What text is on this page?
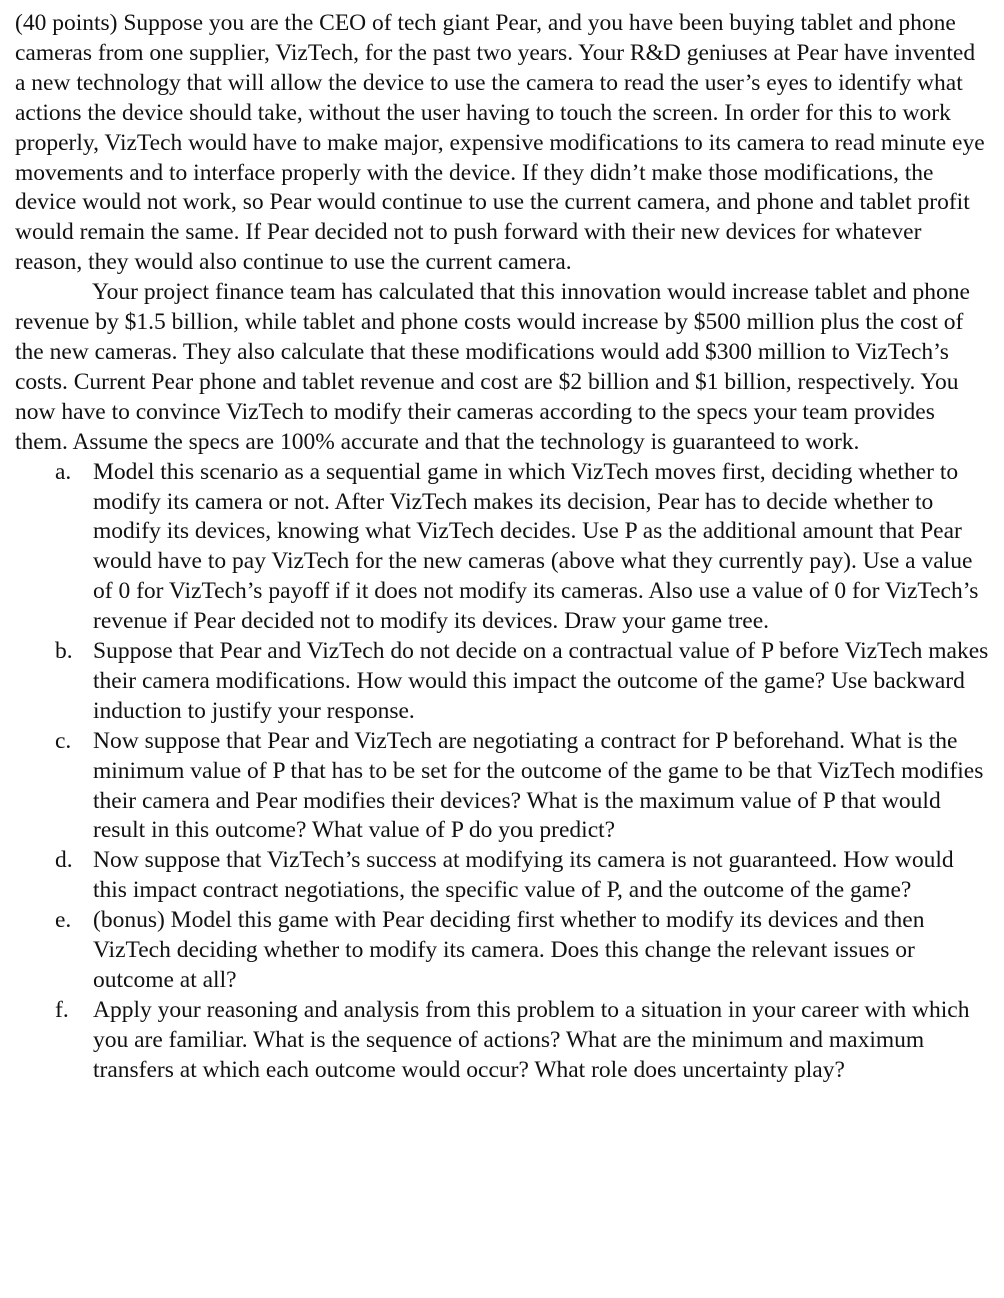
(40 points) Suppose you are the CEO of tech giant Pear, and you have been buying tablet and phone cameras from one supplier, VizTech, for the past two years. Your R&D geniuses at Pear have invented a new technology that will allow the device to use the camera to read the user’s eyes to identify what actions the device should take, without the user having to touch the screen. In order for this to work properly, VizTech would have to make major, expensive modifications to its camera to read minute eye movements and to interface properly with the device. If they didn’t make those modifications, the device would not work, so Pear would continue to use the current camera, and phone and tablet profit would remain the same. If Pear decided not to push forward with their new devices for whatever reason, they would also continue to use the current camera.

Your project finance team has calculated that this innovation would increase tablet and phone revenue by $1.5 billion, while tablet and phone costs would increase by $500 million plus the cost of the new cameras. They also calculate that these modifications would add $300 million to VizTech’s costs. Current Pear phone and tablet revenue and cost are $2 billion and $1 billion, respectively. You now have to convince VizTech to modify their cameras according to the specs your team provides them. Assume the specs are 100% accurate and that the technology is guaranteed to work.

a. Model this scenario as a sequential game in which VizTech moves first, deciding whether to modify its camera or not. After VizTech makes its decision, Pear has to decide whether to modify its devices, knowing what VizTech decides. Use P as the additional amount that Pear would have to pay VizTech for the new cameras (above what they currently pay). Use a value of 0 for VizTech’s payoff if it does not modify its cameras. Also use a value of 0 for VizTech’s revenue if Pear decided not to modify its devices. Draw your game tree.
b. Suppose that Pear and VizTech do not decide on a contractual value of P before VizTech makes their camera modifications. How would this impact the outcome of the game? Use backward induction to justify your response.
c. Now suppose that Pear and VizTech are negotiating a contract for P beforehand. What is the minimum value of P that has to be set for the outcome of the game to be that VizTech modifies their camera and Pear modifies their devices? What is the maximum value of P that would result in this outcome? What value of P do you predict?
d. Now suppose that VizTech’s success at modifying its camera is not guaranteed. How would this impact contract negotiations, the specific value of P, and the outcome of the game?
e. (bonus) Model this game with Pear deciding first whether to modify its devices and then VizTech deciding whether to modify its camera. Does this change the relevant issues or outcome at all?
f. Apply your reasoning and analysis from this problem to a situation in your career with which you are familiar. What is the sequence of actions? What are the minimum and maximum transfers at which each outcome would occur? What role does uncertainty play?
